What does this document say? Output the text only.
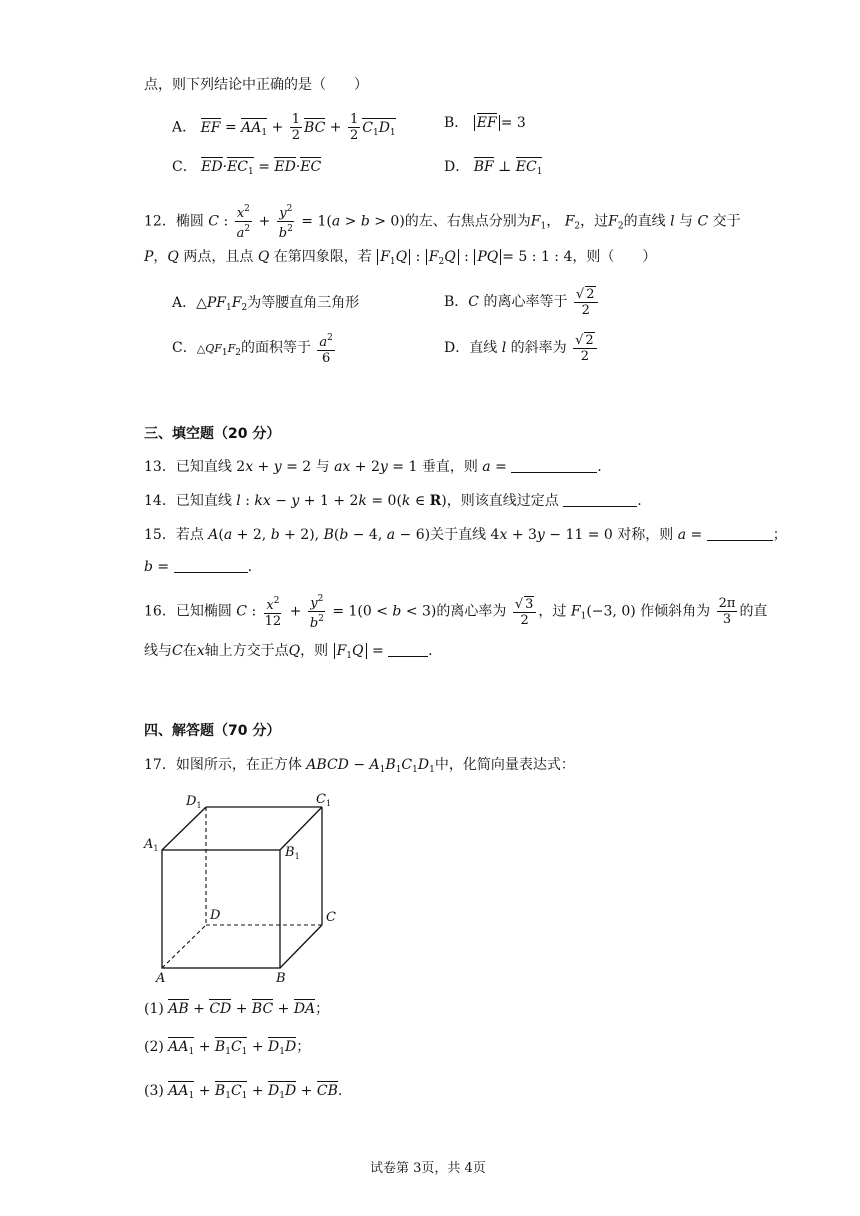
点，则下列结论中正确的是（　　）
A． EF = $AA_1 + \frac{1}{2}$ BC + $\frac{1}{2} C_1D_1$
B． EF = 3
C． $ED\cdot EC_1 = ED\cdot EC$	D． BF ⊥ $EC_1$
12．椭圆 C : $\frac{x^2}{a^2} + \frac{y^2}{b^2} = 1(a > b > 0)$的左、右焦点分别为$F_1$， $F_2$，过$F_2$的直线 l 与 C 交于
P，Q 两点，且点 Q 在第四象限，若 $F_1Q$ : $F_2Q$ : PQ = 5 : 1 : 4，则（　　）
A．$\triangle PF_1F_2$为等腰直角三角形	B．C 的离心率等于 $\frac{√ 2}{2}$
C．$\triangle QF_1F_2$的面积等于 $\frac{a^2}{6}$	D．直线 l 的斜率为 $\frac{√ 2}{2}$
三、填空题（20 分）
13．已知直线 2x + y = 2 与 ax + 2y = 1 垂直，则 a =	.
14．已知直线 l : kx − y + 1 + 2k = 0(k ∈ R)，则该直线过定点	.
15．若点 A(a + 2, b + 2), B(b − 4, a − 6)关于直线 4x + 3y − 11 = 0 对称，则 a =	；
b =	.
16．已知椭圆 C : $\frac{x^2}{12} + \frac{y^2}{b^2} = 1(0 < b < 3)$的离心率为 $\frac{√ 3}{2}$ ，过 $F_1(-3$, 0) 作倾斜角为 $\frac{2\pi}{3}$ 的直
线与C在x轴上方交于点Q，则 $F_1Q$ =	.
四、解答题（70 分）
17．如图所示，在正方体 ABCD − $A_1B_1C_1D_1$中，化简向量表达式：
$D_1$	$C_1$
$A_1$	$B_1$
D	C
A	B
(1) AB + CD + BC + DA；
(2) $AA_1 + B_1C_1 + D_1D$；
(3) $AA_1 + B_1C_1 + D_1D$ + CB.
试卷第 3页，共 4页
